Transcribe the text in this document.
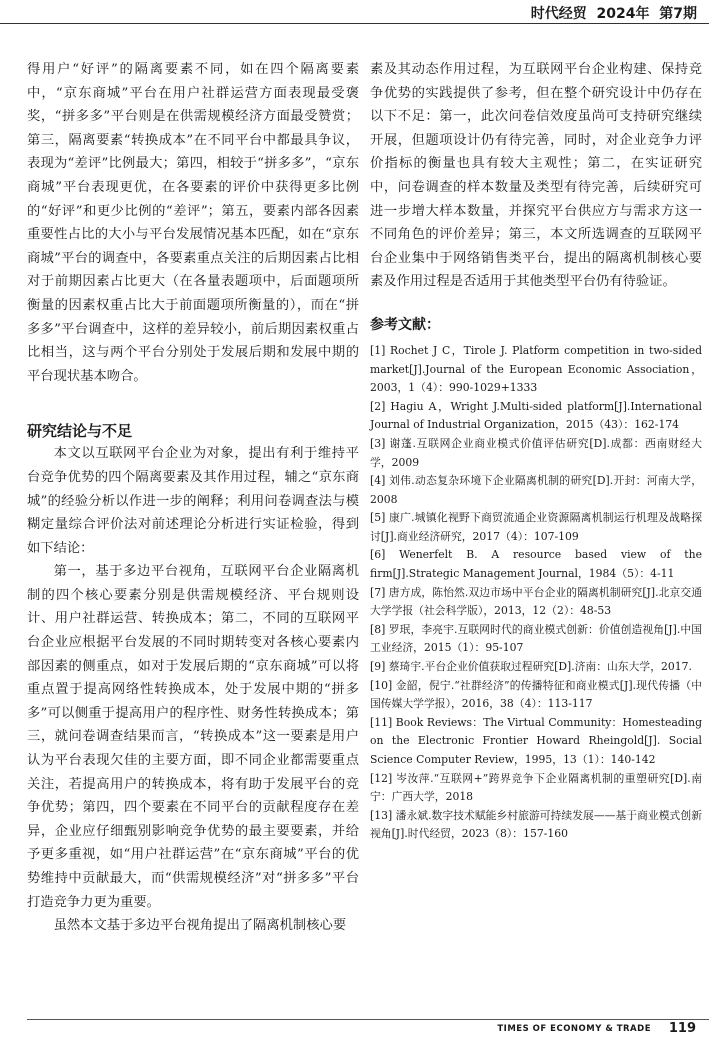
时代经贸  2024年  第7期

得用户“好评”的隔离要素不同，如在四个隔离要素中，“京东商城”平台在用户社群运营方面表现最受褒奖，“拼多多”平台则是在供需规模经济方面最受赞赏；第三，隔离要素“转换成本”在不同平台中都最具争议，表现为“差评”比例最大；第四，相较于“拼多多”，“京东商城”平台表现更优，在各要素的评价中获得更多比例的“好评”和更少比例的“差评”；第五，要素内部各因素重要性占比的大小与平台发展情况基本匹配，如在“京东商城”平台的调查中，各要素重点关注的后期因素占比相对于前期因素占比更大（在各量表题项中，后面题项所衡量的因素权重占比大于前面题项所衡量的），而在“拼多多”平台调查中，这样的差异较小，前后期因素权重占比相当，这与两个平台分别处于发展后期和发展中期的平台现状基本吻合。

研究结论与不足

本文以互联网平台企业为对象，提出有利于维持平台竞争优势的四个隔离要素及其作用过程，辅之“京东商城”的经验分析以作进一步的阐释；利用问卷调查法与模糊定量综合评价法对前述理论分析进行实证检验，得到如下结论：

第一，基于多边平台视角，互联网平台企业隔离机制的四个核心要素分别是供需规模经济、平台规则设计、用户社群运营、转换成本；第二，不同的互联网平台企业应根据平台发展的不同时期转变对各核心要素内部因素的侧重点，如对于发展后期的“京东商城”可以将重点置于提高网络性转换成本，处于发展中期的“拼多多”可以侧重于提高用户的程序性、财务性转换成本；第三，就问卷调查结果而言，“转换成本”这一要素是用户认为平台表现欠佳的主要方面，即不同企业都需要重点关注，若提高用户的转换成本，将有助于发展平台的竞争优势；第四，四个要素在不同平台的贡献程度存在差异，企业应仔细甄别影响竞争优势的最主要要素，并给予更多重视，如“用户社群运营”在“京东商城”平台的优势维持中贡献最大，而“供需规模经济”对“拼多多”平台打造竞争力更为重要。

虽然本文基于多边平台视角提出了隔离机制核心要

素及其动态作用过程，为互联网平台企业构建、保持竞争优势的实践提供了参考，但在整个研究设计中仍存在以下不足：第一，此次问卷信效度虽尚可支持研究继续开展，但题项设计仍有待完善，同时，对企业竞争力评价指标的衡量也具有较大主观性；第二，在实证研究中，问卷调查的样本数量及类型有待完善，后续研究可进一步增大样本数量，并探究平台供应方与需求方这一不同角色的评价差异；第三，本文所选调查的互联网平台企业集中于网络销售类平台，提出的隔离机制核心要素及作用过程是否适用于其他类型平台仍有待验证。

参考文献：
[1] Rochet J C，Tirole J. Platform competition in two-sided market[J].Journal of the European Economic Association，2003，1（4）：990-1029+1333
[2] Hagiu A，Wright J.Multi-sided platform[J].International Journal of Industrial Organization，2015（43）：162-174
[3] 谢蓬.互联网企业商业模式价值评估研究[D].成都：西南财经大学，2009
[4] 刘伟.动态复杂环境下企业隔离机制的研究[D].开封：河南大学，2008
[5] 康广.城镇化视野下商贸流通企业资源隔离机制运行机理及战略探讨[J].商业经济研究，2017（4）：107-109
[6] Wenerfelt B. A resource based view of the firm[J].Strategic Management Journal，1984（5）：4-11
[7] 唐方成，陈怡然.双边市场中平台企业的隔离机制研究[J].北京交通大学学报（社会科学版），2013，12（2）：48-53
[8] 罗珉，李亮宇.互联网时代的商业模式创新：价值创造视角[J].中国工业经济，2015（1）：95-107
[9] 蔡琦宇.平台企业价值获取过程研究[D].济南：山东大学，2017.
[10] 金韶，倪宁.“社群经济”的传播特征和商业模式[J].现代传播（中国传媒大学学报），2016，38（4）：113-117
[11] Book Reviews：The Virtual Community：Homesteading on the Electronic Frontier Howard Rheingold[J]. Social Science Computer Review，1995，13（1）：140-142
[12] 岑汝萍.“互联网+”跨界竞争下企业隔离机制的重塑研究[D].南宁：广西大学，2018
[13] 潘永斌.数字技术赋能乡村旅游可持续发展——基于商业模式创新视角[J].时代经贸，2023（8）：157-160
TIMES OF ECONOMY & TRADE 119
